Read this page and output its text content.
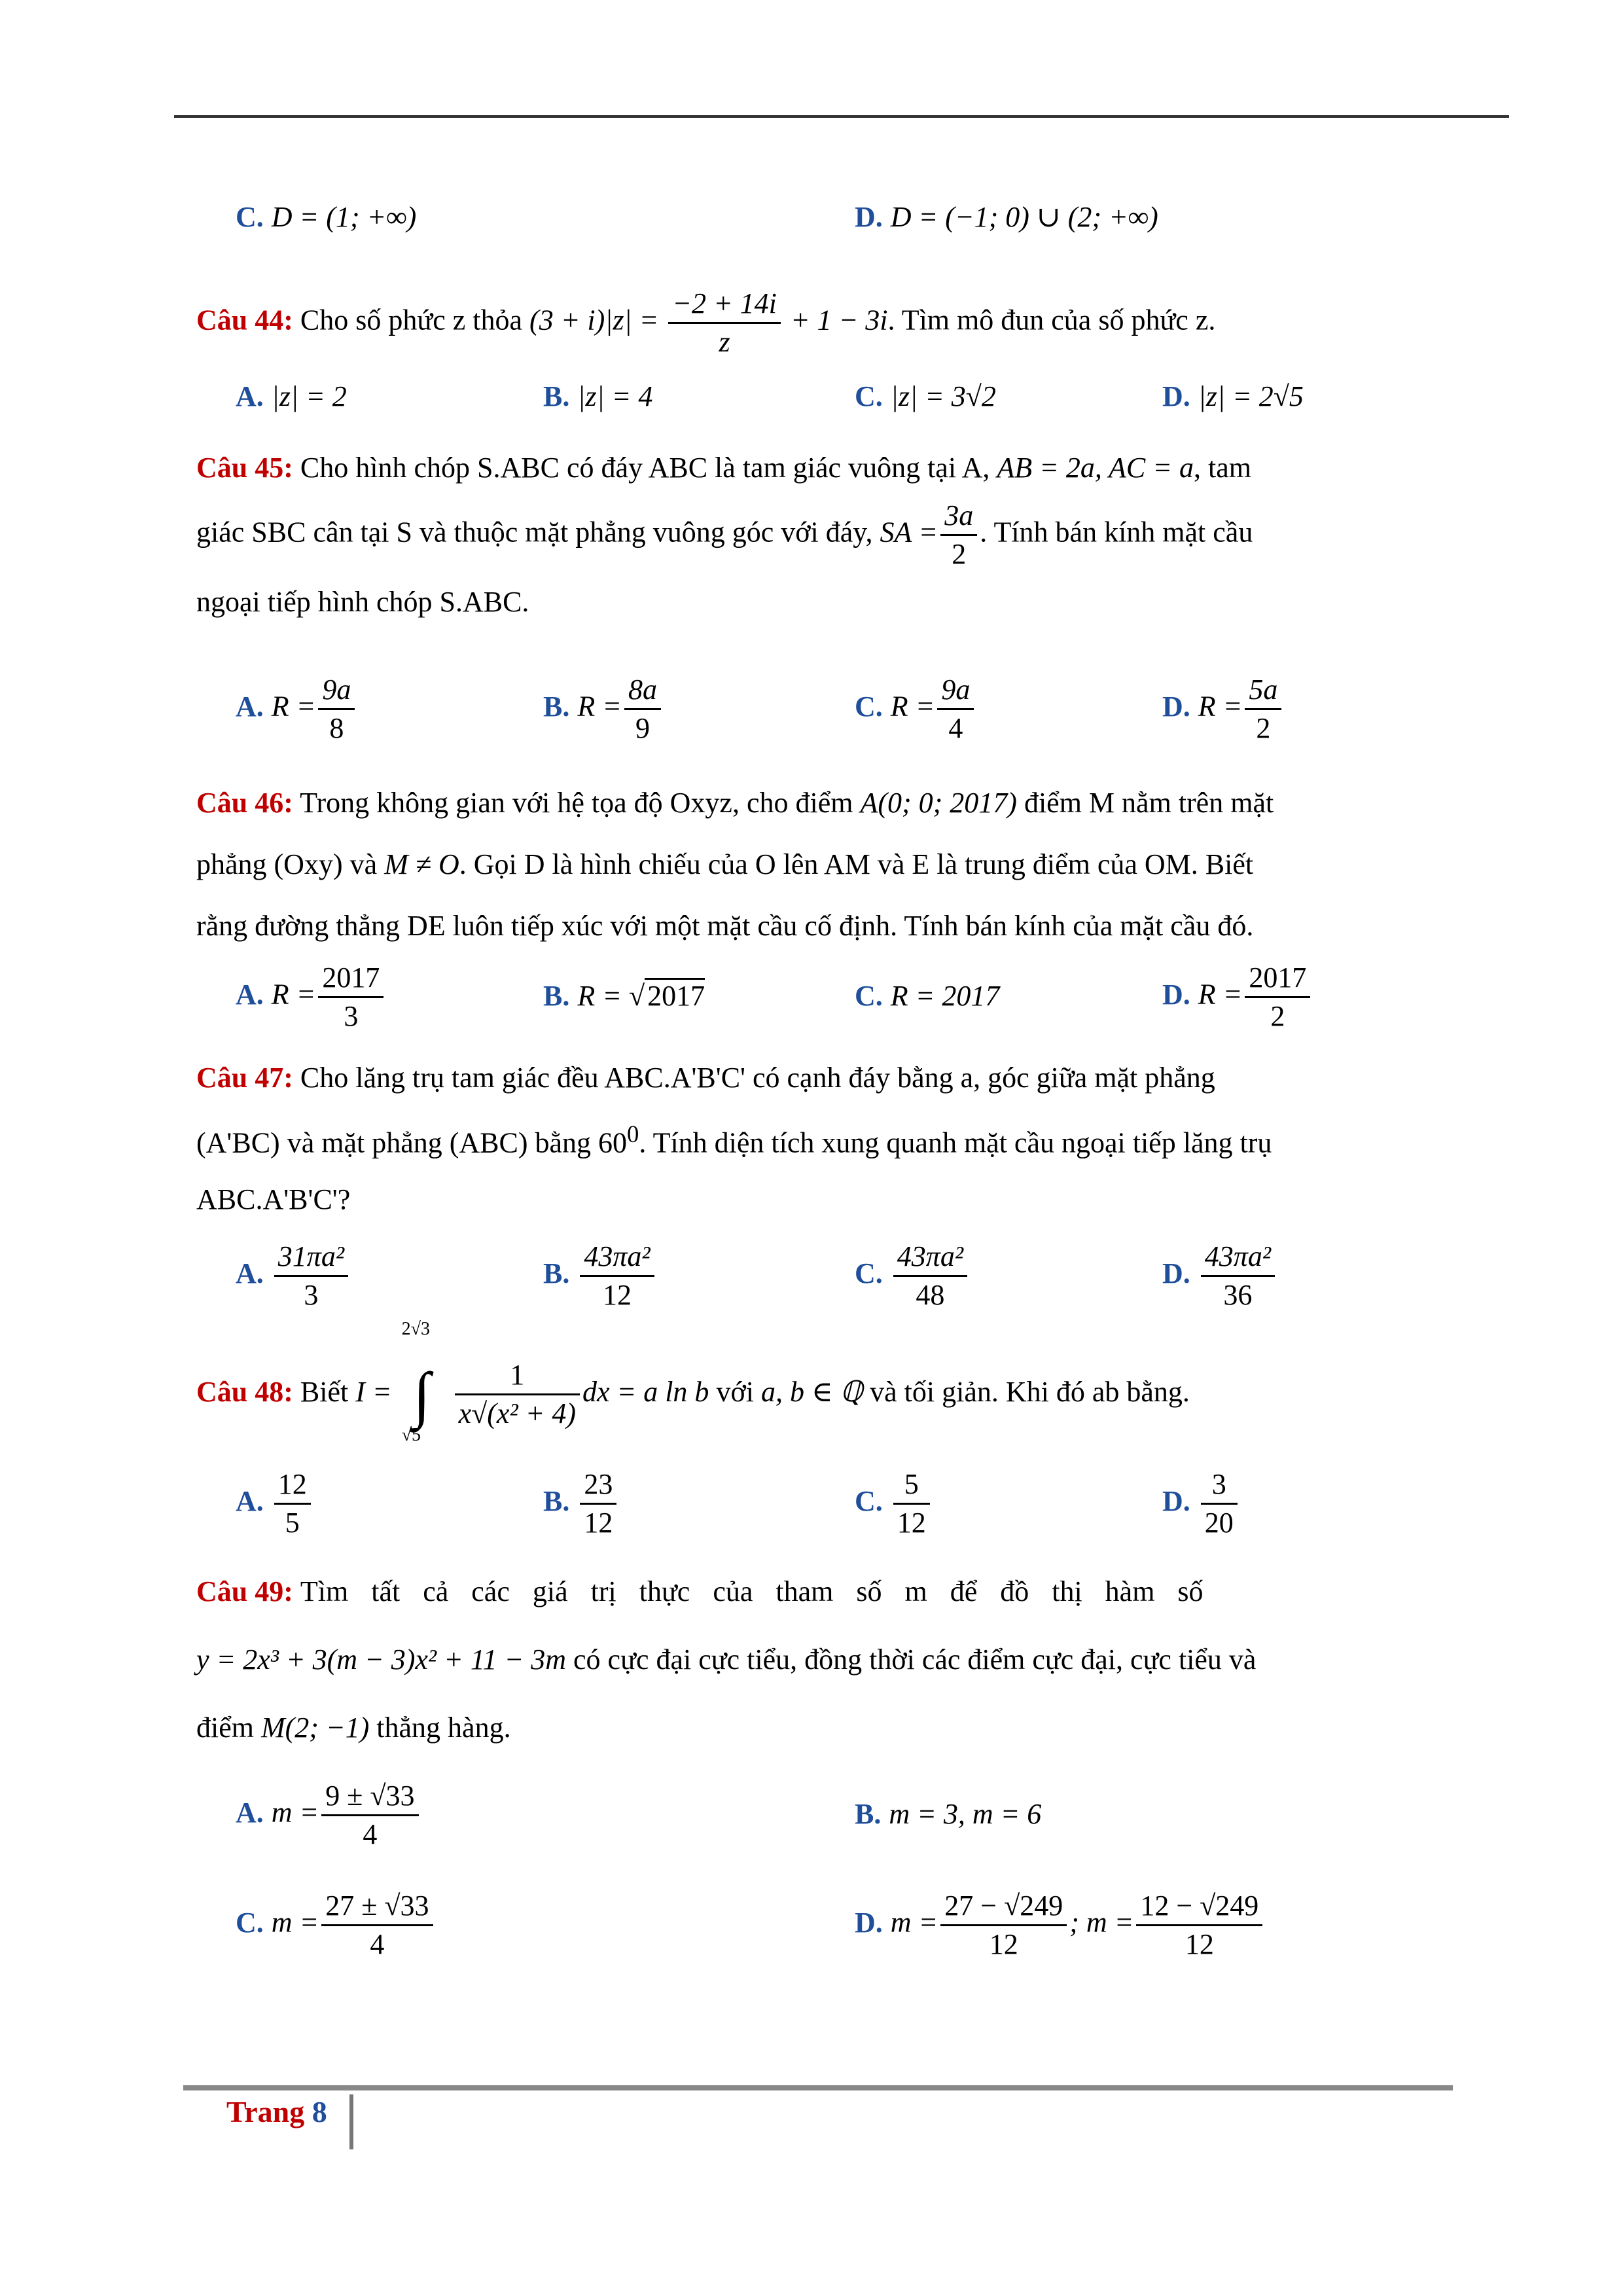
C. D = (1; +∞)	D. D = (−1; 0) ∪ (2; +∞)
Câu 44: Cho số phức z thỏa $(3 + i)|z| = \frac{-2 + 14i}{z} + 1 - 3i$. Tìm mô đun của số phức z.
A. |z| = 2	B. |z| = 4	C. |z| = 3√2	D. |z| = 2√5
Câu 45: Cho hình chóp S.ABC có đáy ABC là tam giác vuông tại A, AB = 2a, AC = a, tam
giác SBC cân tại S và thuộc mặt phẳng vuông góc với đáy, SA = $\frac{3a}{2}$ . Tính bán kính mặt cầu
ngoại tiếp hình chóp S.ABC.
A. $R = \frac{9a}{8}$	B. $R = \frac{8a}{9}$	C. $R = \frac{9a}{4}$	D. $R = \frac{5a}{2}$
Câu 46: Trong không gian với hệ tọa độ Oxyz, cho điểm A(0; 0; 2017) điểm M nằm trên mặt
phẳng (Oxy) và M ≠ O. Gọi D là hình chiếu của O lên AM và E là trung điểm của OM. Biết
rằng đường thẳng DE luôn tiếp xúc với một mặt cầu cố định. Tính bán kính của mặt cầu đó.
A. $R = \frac{2017}{3}$	B. R = √2017	C. R = 2017	D. $R = \frac{2017}{2}$
Câu 47: Cho lăng trụ tam giác đều ABC.A'B'C' có cạnh đáy bằng a, góc giữa mặt phẳng
(A'BC) và mặt phẳng (ABC) bằng $60^0$. Tính diện tích xung quanh mặt cầu ngoại tiếp lăng trụ
ABC.A'B'C'?
A. $\frac{\text{31πa²}}{3}$	B. $\frac{\text{43πa²}}{12}$	C. $\frac{\text{43πa²}}{48}$	D. $\frac{\text{43πa²}}{36}$
Câu 48: Biết I =
2√3
∫
√5

$\frac{1}{\text{x√(x² + 4)}}$ dx = a ln b với a, b ∈ ℚ và tối giản. Khi đó ab bằng.
A. $\frac{12}{5}$	B. $\frac{23}{12}$	C. $\frac{5}{12}$	D. $\frac{3}{20}$
Câu 49: Tìm tất cả các giá trị thực của tham số m để đồ thị hàm số
y = 2x³ + 3(m − 3)x² + 11 − 3m có cực đại cực tiểu, đồng thời các điểm cực đại, cực tiểu và
điểm M(2; −1) thẳng hàng.
A. $m = \frac{9 \pm √33}{4}$	B. m = 3, m = 6
C. $m = \frac{27 \pm √33}{4}$	D. $m = \frac{27 - √249}{12}$ ; $m = \frac{12 - √249}{12}$
Trang 8
